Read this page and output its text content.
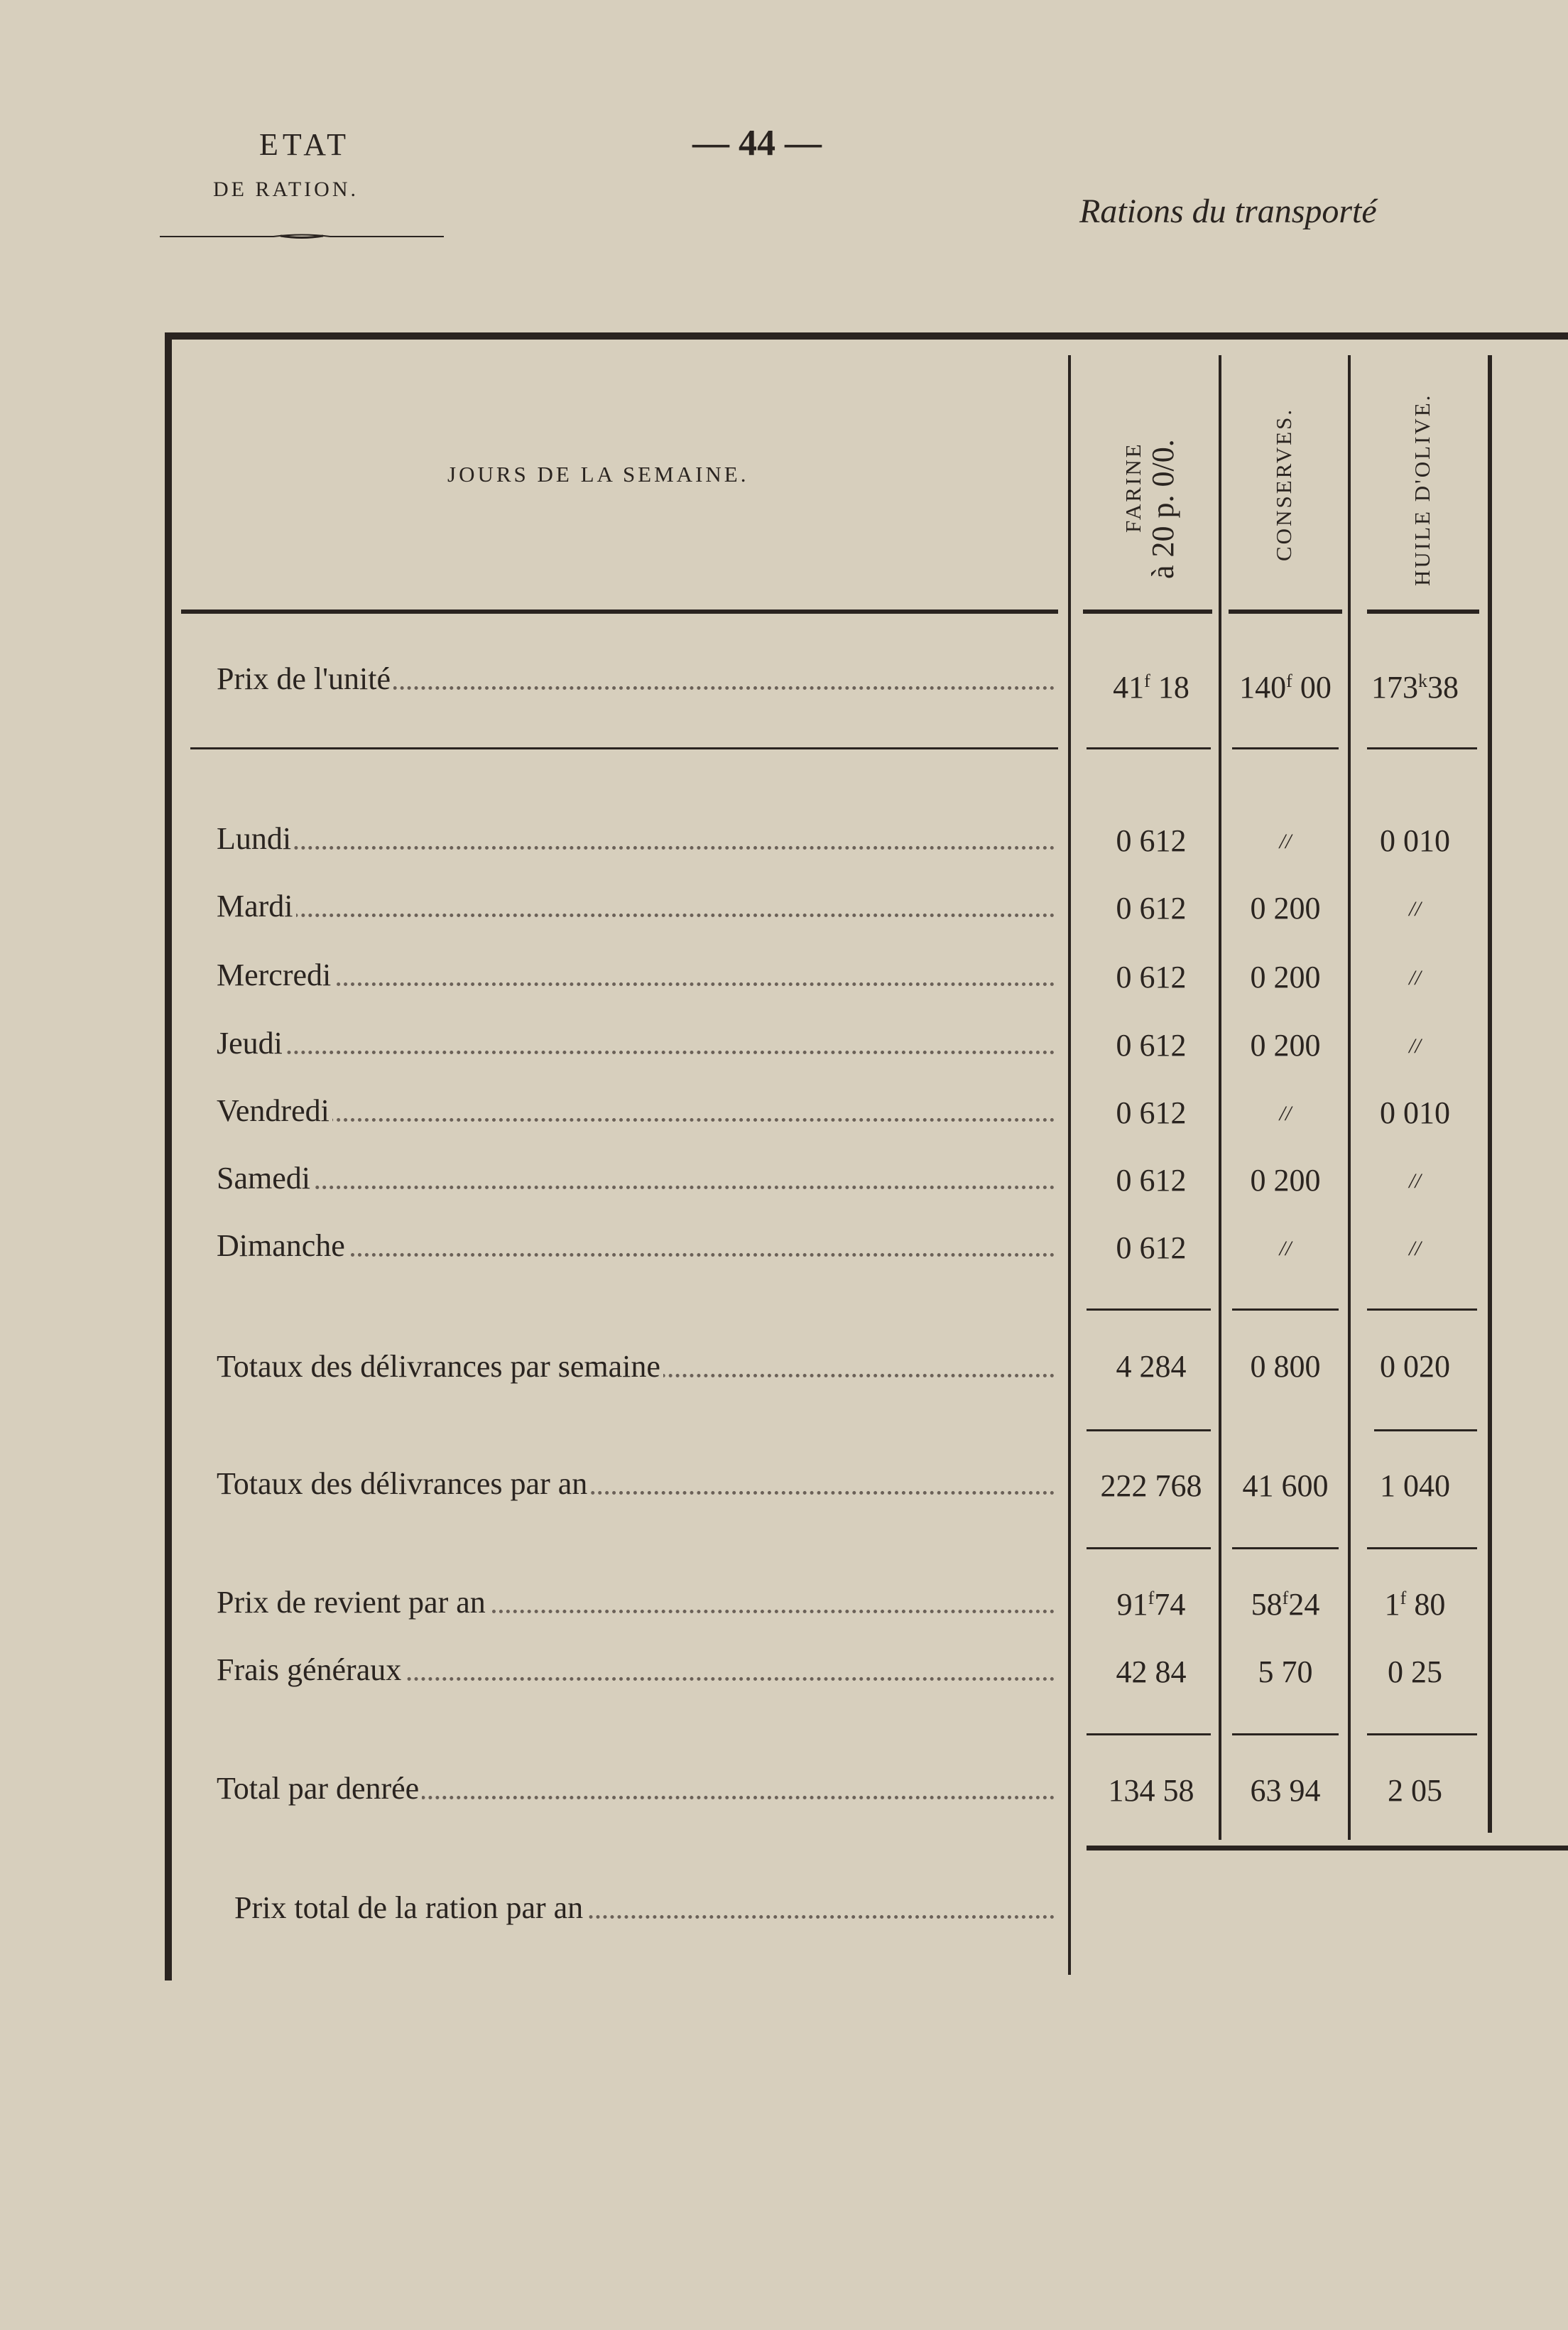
ETAT
DE RATION.
— 44 —
Rations du transporté
JOURS DE LA SEMAINE.	FARINE à 20 p. 0/0.	CONSERVES.	HUILE D'OLIVE.
Prix de l'unité	41$^f$ 18	140$^f$ 00	173$^k$38
Lundi	0 612	//	0 010
Mardi	0 612	0 200	//
Mercredi	0 612	0 200	//
Jeudi	0 612	0 200	//
Vendredi	0 612	//	0 010
Samedi	0 612	0 200	//
Dimanche	0 612	//	//
Totaux des délivrances par semaine	4 284	0 800	0 020
Totaux des délivrances par an	222 768	41 600	1 040
Prix de revient par an	91$^f$74	58$^f$24	1$^f$ 80
Frais généraux	42 84	5 70	0 25
Total par denrée	134 58	63 94	2 05
Prix total de la ration par an
